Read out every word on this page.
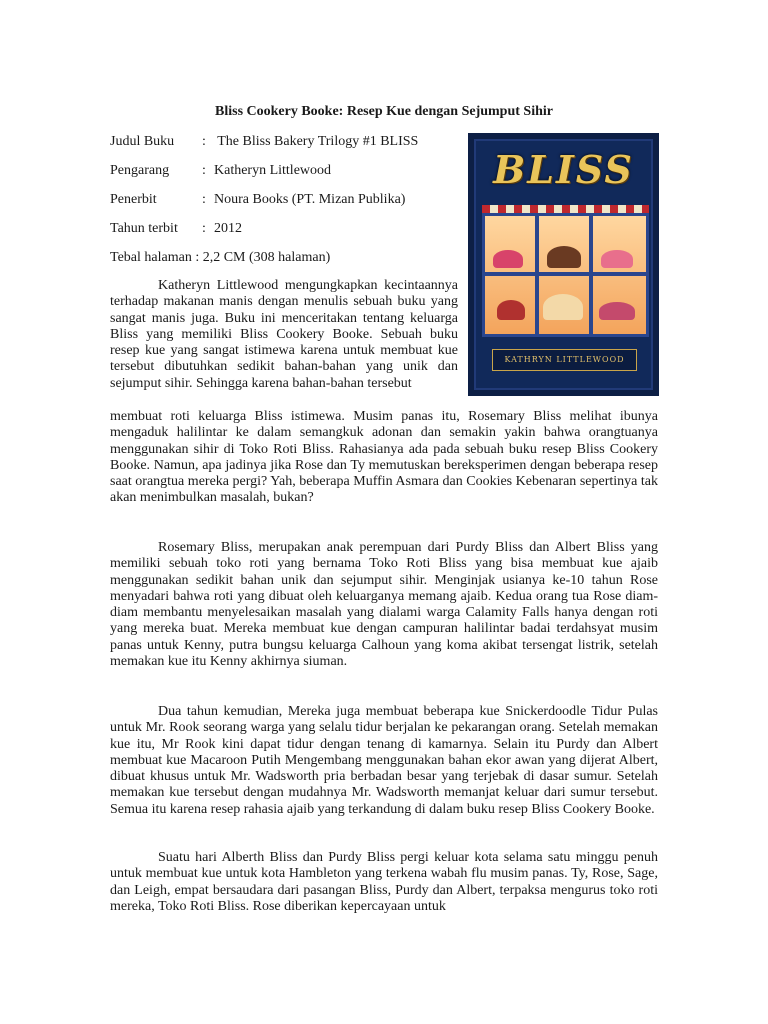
Bliss Cookery Booke: Resep Kue dengan Sejumput Sihir
Judul Buku : The Bliss Bakery Trilogy #1 BLISS
Pengarang : Katheryn Littlewood
Penerbit	: Noura Books (PT. Mizan Publika)
Tahun terbit : 2012
Tebal halaman : 2,2 CM (308 halaman)
BLISS
KATHRYN LITTLEWOOD

Katheryn Littlewood mengungkapkan kecintaannya terhadap makanan manis dengan menulis sebuah buku yang sangat manis juga. Buku ini menceritakan tentang keluarga Bliss yang memiliki Bliss Cookery Booke. Sebuah buku resep kue yang sangat istimewa karena untuk membuat kue tersebut dibutuhkan sedikit bahan-bahan yang unik dan sejumput sihir. Sehingga karena bahan-bahan tersebut

membuat roti keluarga Bliss istimewa. Musim panas itu, Rosemary Bliss melihat ibunya mengaduk halilintar ke dalam semangkuk adonan dan semakin yakin bahwa orangtuanya menggunakan sihir di Toko Roti Bliss. Rahasianya ada pada sebuah buku resep Bliss Cookery Booke. Namun, apa jadinya jika Rose dan Ty memutuskan bereksperimen dengan beberapa resep saat orangtua mereka pergi? Yah, beberapa Muffin Asmara dan Cookies Kebenaran sepertinya tak akan menimbulkan masalah, bukan?

Rosemary Bliss, merupakan anak perempuan dari Purdy Bliss dan Albert Bliss yang memiliki sebuah toko roti yang bernama Toko Roti Bliss yang bisa membuat kue ajaib menggunakan sedikit bahan unik dan sejumput sihir. Menginjak usianya ke-10 tahun Rose menyadari bahwa roti yang dibuat oleh keluarganya memang ajaib. Kedua orang tua Rose diam-diam membantu menyelesaikan masalah yang dialami warga Calamity Falls hanya dengan roti yang mereka buat. Mereka membuat kue dengan campuran halilintar badai terdahsyat musim panas untuk Kenny, putra bungsu keluarga Calhoun yang koma akibat tersengat listrik, setelah memakan kue itu Kenny akhirnya siuman.

Dua tahun kemudian, Mereka juga membuat beberapa kue Snickerdoodle Tidur Pulas untuk Mr. Rook seorang warga yang selalu tidur berjalan ke pekarangan orang. Setelah memakan kue itu, Mr Rook kini dapat tidur dengan tenang di kamarnya. Selain itu Purdy dan Albert membuat kue Macaroon Putih Mengembang menggunakan bahan ekor awan yang dijerat Albert, dibuat khusus untuk Mr. Wadsworth pria berbadan besar yang terjebak di dasar sumur. Setelah memakan kue tersebut dengan mudahnya Mr. Wadsworth memanjat keluar dari sumur tersebut. Semua itu karena resep rahasia ajaib yang terkandung di dalam buku resep Bliss Cookery Booke.

Suatu hari Alberth Bliss dan Purdy Bliss pergi keluar kota selama satu minggu penuh untuk membuat kue untuk kota Hambleton yang terkena wabah flu musim panas. Ty, Rose, Sage, dan Leigh, empat bersaudara dari pasangan Bliss, Purdy dan Albert, terpaksa mengurus toko roti mereka, Toko Roti Bliss. Rose diberikan kepercayaan untuk
